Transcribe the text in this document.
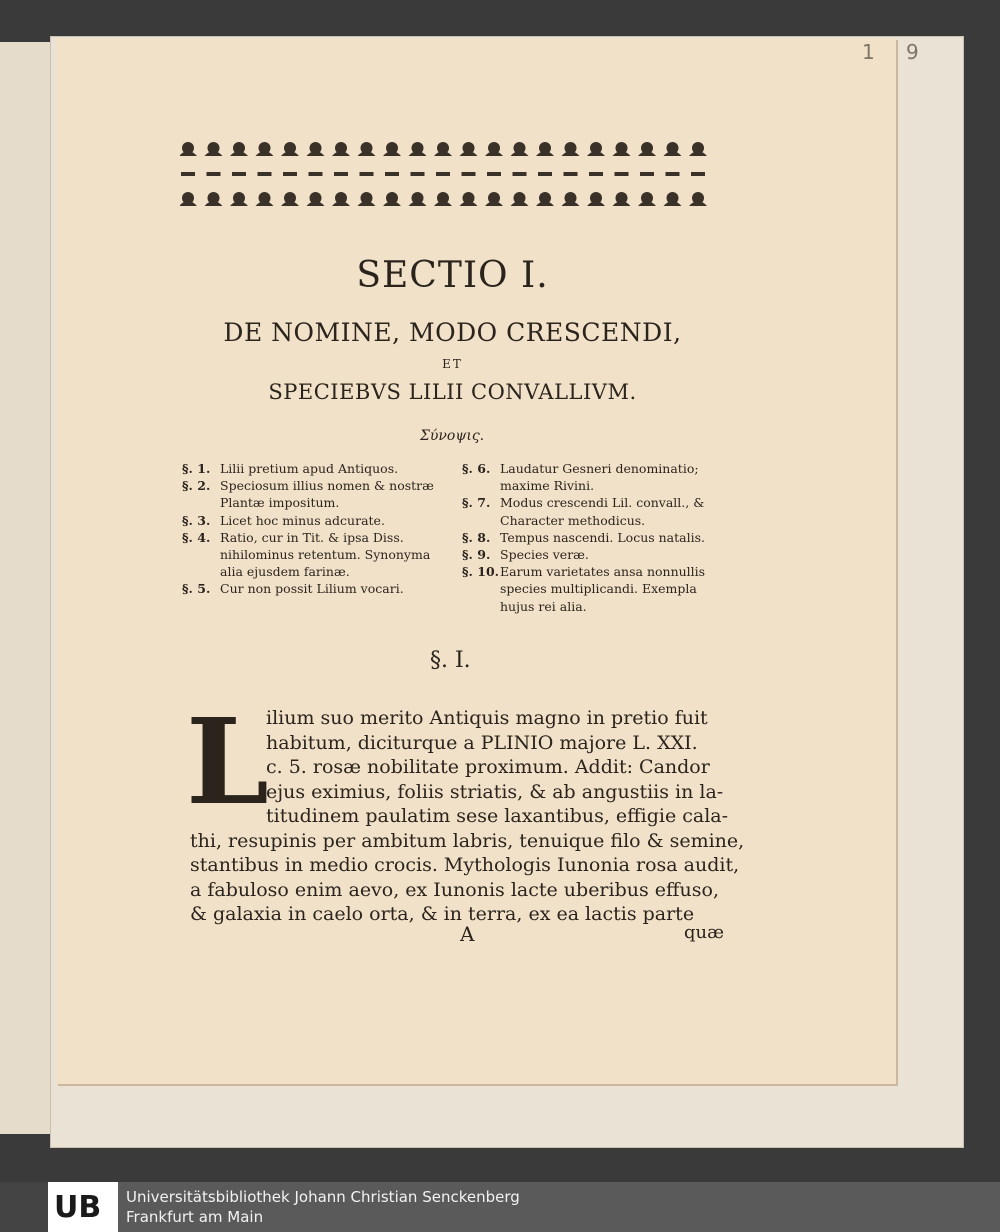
1 9
SECTIO I.
DE NOMINE, MODO CRESCENDI,
ET
SPECIEBVS LILII CONVALLIVM.
Σύνοψις.
§. 1. Lilii pretium apud Antiquos.
§. 2. Speciosum illius nomen & nostræ Plantæ impositum.
§. 3. Licet hoc minus adcurate.
§. 4. Ratio, cur in Tit. & ipsa Diss. nihilominus retentum. Synonyma alia ejusdem farinæ.
§. 5. Cur non possit Lilium vocari.
§. 6. Laudatur Gesneri denominatio; maxime Rivini.
§. 7. Modus crescendi Lil. convall., & Character methodicus.
§. 8. Tempus nascendi. Locus natalis.
§. 9. Species veræ.
§. 10. Earum varietates ansa nonnullis species multiplicandi. Exempla hujus rei alia.
§. I.
L
ilium suo merito Antiquis magno in pretio fuit
habitum, diciturque a PLINIO majore L. XXI.
c. 5. rosæ nobilitate proximum. Addit: Candor
ejus eximius, foliis striatis, & ab angustiis in la-
titudinem paulatim sese laxantibus, effigie cala-
thi, resupinis per ambitum labris, tenuique filo & semine,
stantibus in medio crocis. Mythologis Iunonia rosa audit,
a fabuloso enim aevo, ex Iunonis lacte uberibus effuso,
& galaxia in caelo orta, & in terra, ex ea lactis parte
A	quæ
UB Universitätsbibliothek Johann Christian Senckenberg
Frankfurt am Main
